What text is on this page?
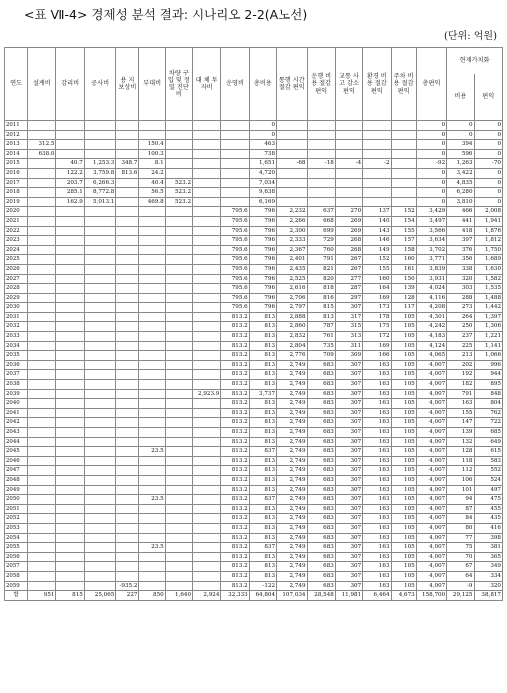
<표 Ⅶ-4> 경제성 분석 결과: 시나리오 2-2(A노선)
(단위: 억원)
연도	설계비	감리비	공사비	용 지 보상비	부대비	차량 구입 및 정밀 진단비	대 체 투자비	운영비	총비용	통행 시간 절감 편익	운행 비용 절감 편익	교통 사고 감소 편익	환경 비용 절감 편익	주차 비용 절감 편익	총편익	현재가치화	
																비용	편익
2011									0						0	0	0
2012									0						0	0	0
2013	312.5				150.4				463						0	394	0
2014	638.0				100.3				738						0	596	0
2015		40.7	1,253.3	348.7	8.1				1,651	-68	-18	-4	-2		-92	1,263	-70
2016		122.2	3,759.8	813.6	24.2				4,720						0	3,422	0
2017		203.7	6,266.3		40.4	523.2			7,034						0	4,835	0
2018		285.1	8,772.8		56.5	523.2			9,638						0	6,280	0
2019		162.9	5,013.1		469.8	523.2			6,169						0	3,810	0
2020								795.6	796	2,232	637	270	137	152	3,429	466	2,008
2021								795.6	796	2,266	668	269	140	154	3,497	441	1,941
2022								795.6	796	2,300	699	269	143	155	3,566	418	1,876
2023								795.6	796	2,333	729	268	146	157	3,634	397	1,812
2024								795.6	796	2,367	760	268	149	158	3,702	376	1,750
2025								795.6	796	2,401	791	267	152	160	3,771	356	1,689
2026								795.6	796	2,435	821	267	155	161	3,839	338	1,630
2027								795.6	796	2,525	820	277	160	150	3,931	320	1,582
2028								795.6	796	2,616	818	287	164	139	4,024	303	1,535
2029								795.6	796	2,706	816	297	169	128	4,116	288	1,488
2030								795.6	796	2,797	815	307	173	117	4,208	273	1,442
2031								813.2	813	2,888	813	317	178	105	4,301	264	1,397
2032								813.2	813	2,860	787	315	175	105	4,242	250	1,306
2033								813.2	813	2,832	761	313	172	105	4,183	237	1,221
2034								813.2	813	2,804	735	311	169	105	4,124	225	1,141
2035								813.2	813	2,776	709	309	166	105	4,065	213	1,066
2036								813.2	813	2,749	683	307	163	105	4,007	202	996
2037								813.2	813	2,749	683	307	163	105	4,007	192	944
2038								813.2	813	2,749	683	307	163	105	4,007	182	895
2039							2,923.9	813.2	3,737	2,749	683	307	163	105	4,007	791	848
2040								813.2	813	2,749	683	307	163	105	4,007	163	804
2041								813.2	813	2,749	683	307	163	105	4,007	155	762
2042								813.2	813	2,749	683	307	163	105	4,007	147	722
2043								813.2	813	2,749	683	307	163	105	4,007	139	685
2044								813.2	813	2,749	683	307	163	105	4,007	132	649
2045					23.5			813.2	837	2,749	683	307	163	105	4,007	128	615
2046								813.2	813	2,749	683	307	163	105	4,007	118	583
2047								813.2	813	2,749	683	307	163	105	4,007	112	552
2048								813.2	813	2,749	683	307	163	105	4,007	106	524
2049								813.2	813	2,749	683	307	163	105	4,007	101	497
2050					23.5			813.2	837	2,749	683	307	163	105	4,007	94	475
2051								813.2	813	2,749	683	307	163	105	4,007	87	455
2052								813.2	813	2,749	683	307	163	105	4,007	84	435
2053								813.2	813	2,749	683	307	163	105	4,007	80	416
2054								813.2	813	2,749	683	307	163	105	4,007	77	398
2055					23.5			813.2	837	2,749	683	307	163	105	4,007	75	381
2056								813.2	813	2,749	683	307	163	105	4,007	70	365
2057								813.2	813	2,749	683	307	163	105	4,007	67	349
2058								813.2	813	2,749	683	307	163	105	4,007	64	334
2059				-935.2				813.2	-122	2,749	683	307	163	105	4,007	-9	320
합	951	815	25,065	227	850	1,640	2,924	32,333	64,804	107,034	28,548	11,981	6,464	4,673	158,700	29,125	38,817
